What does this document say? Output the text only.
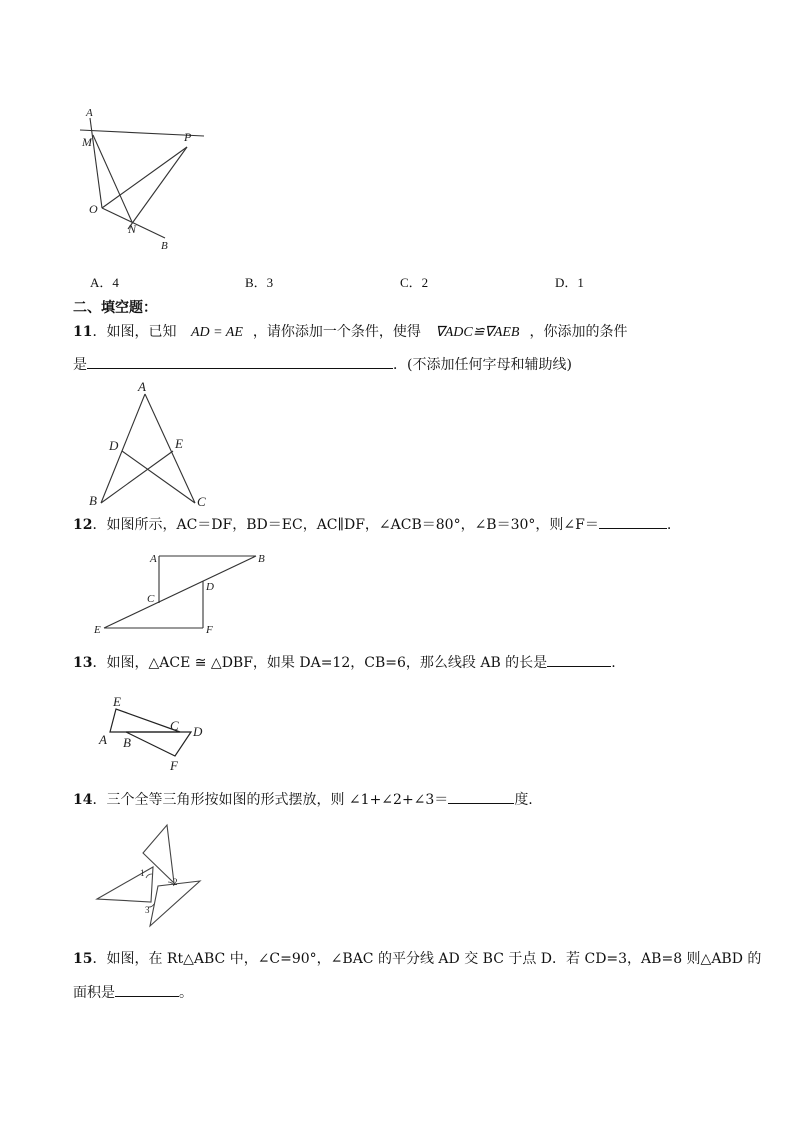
A
M	P
O
N
B
A．4	B．3	C．2	D．1
二、填空题：
11．如图，已知 AD = AE ，请你添加一个条件，使得 ∇ADC≌∇AEB ，你添加的条件
是	．(不添加任何字母和辅助线)
A
D	E
B	C
12．如图所示，AC＝DF，BD＝EC，AC∥DF，∠ACB＝80°，∠B＝30°，则∠F＝	.
A	B
C
D
E	F
13．如图，△ACE ≅ △DBF，如果 DA=12，CB=6，那么线段 AB 的长是	.
E
C D
A B
F
14．三个全等三角形按如图的形式摆放，则 ∠1+∠2+∠3＝	度.
1
2
3
15．如图，在 Rt△ABC 中，∠C=90°，∠BAC 的平分线 AD 交 BC 于点 D．若 CD=3，AB=8 则△ABD 的
面积是	。
